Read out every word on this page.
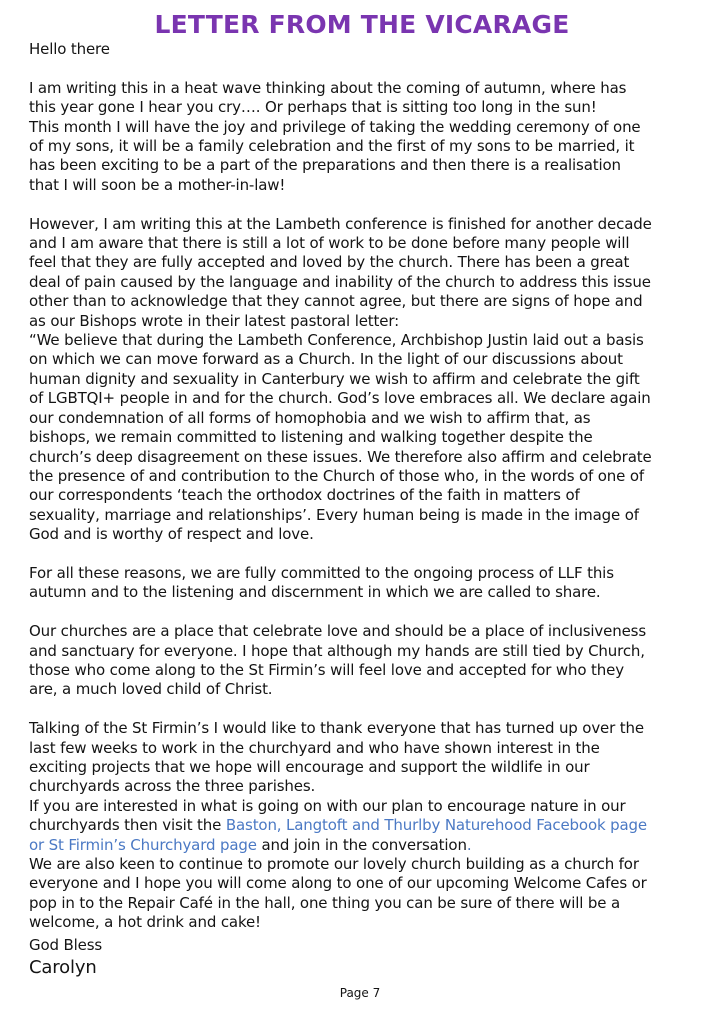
LETTER FROM THE VICARAGE
Hello there
I am writing this in a heat wave thinking about the coming of autumn, where has
this year gone I hear you cry…. Or perhaps that is sitting too long in the sun!
This month I will have the joy and privilege of taking the wedding ceremony of one
of my sons, it will be a family celebration and the first of my sons to be married, it
has been exciting to be a part of the preparations and then there is a realisation
that I will soon be a mother-in-law!
However, I am writing this at the Lambeth conference is finished for another decade
and I am aware that there is still a lot of work to be done before many people will
feel that they are fully accepted and loved by the church. There has been a great
deal of pain caused by the language and inability of the church to address this issue
other than to acknowledge that they cannot agree, but there are signs of hope and
as our Bishops wrote in their latest pastoral letter:
“We believe that during the Lambeth Conference, Archbishop Justin laid out a basis
on which we can move forward as a Church. In the light of our discussions about
human dignity and sexuality in Canterbury we wish to affirm and celebrate the gift
of LGBTQI+ people in and for the church. God’s love embraces all. We declare again
our condemnation of all forms of homophobia and we wish to affirm that, as
bishops, we remain committed to listening and walking together despite the
church’s deep disagreement on these issues. We therefore also affirm and celebrate
the presence of and contribution to the Church of those who, in the words of one of
our correspondents ‘teach the orthodox doctrines of the faith in matters of
sexuality, marriage and relationships’. Every human being is made in the image of
God and is worthy of respect and love.
For all these reasons, we are fully committed to the ongoing process of LLF this
autumn and to the listening and discernment in which we are called to share.
Our churches are a place that celebrate love and should be a place of inclusiveness
and sanctuary for everyone. I hope that although my hands are still tied by Church,
those who come along to the St Firmin’s will feel love and accepted for who they
are, a much loved child of Christ.
Talking of the St Firmin’s I would like to thank everyone that has turned up over the
last few weeks to work in the churchyard and who have shown interest in the
exciting projects that we hope will encourage and support the wildlife in our
churchyards across the three parishes.
If you are interested in what is going on with our plan to encourage nature in our
churchyards then visit the Baston, Langtoft and Thurlby Naturehood Facebook page
or St Firmin’s Churchyard page and join in the conversation.
We are also keen to continue to promote our lovely church building as a church for
everyone and I hope you will come along to one of our upcoming Welcome Cafes or
pop in to the Repair Café in the hall, one thing you can be sure of there will be a
welcome, a hot drink and cake!
God Bless
Carolyn
Page 7
